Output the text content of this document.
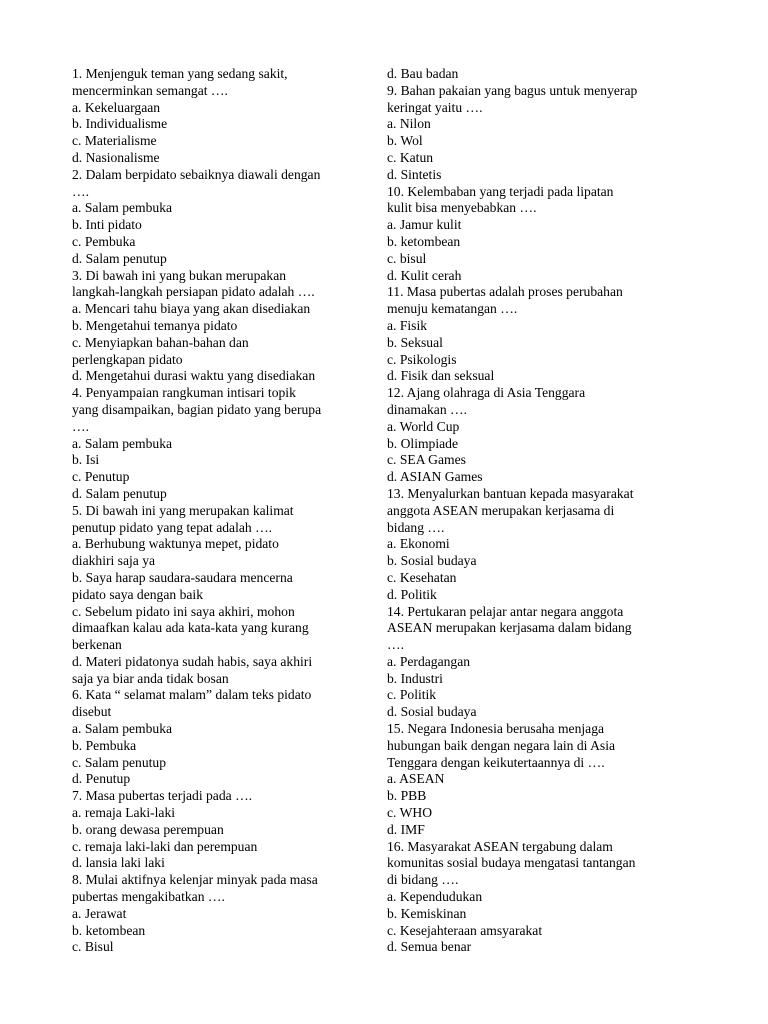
1. Menjenguk teman yang sedang sakit,
mencerminkan semangat ….
a. Kekeluargaan
b. Individualisme
c. Materialisme
d. Nasionalisme
2. Dalam berpidato sebaiknya diawali dengan
….
a. Salam pembuka
b. Inti pidato
c. Pembuka
d. Salam penutup
3. Di bawah ini yang bukan merupakan
langkah-langkah persiapan pidato adalah ….
a. Mencari tahu biaya yang akan disediakan
b. Mengetahui temanya pidato
c. Menyiapkan bahan-bahan dan
perlengkapan pidato
d. Mengetahui durasi waktu yang disediakan
4. Penyampaian rangkuman intisari topik
yang disampaikan, bagian pidato yang berupa
….
a. Salam pembuka
b. Isi
c. Penutup
d. Salam penutup
5. Di bawah ini yang merupakan kalimat
penutup pidato yang tepat adalah ….
a. Berhubung waktunya mepet, pidato
diakhiri saja ya
b. Saya harap saudara-saudara mencerna
pidato saya dengan baik
c. Sebelum pidato ini saya akhiri, mohon
dimaafkan kalau ada kata-kata yang kurang
berkenan
d. Materi pidatonya sudah habis, saya akhiri
saja ya biar anda tidak bosan
6. Kata “ selamat malam” dalam teks pidato
disebut
a. Salam pembuka
b. Pembuka
c. Salam penutup
d. Penutup
7. Masa pubertas terjadi pada ….
a. remaja Laki-laki
b. orang dewasa perempuan
c. remaja laki-laki dan perempuan
d. lansia laki laki
8. Mulai aktifnya kelenjar minyak pada masa
pubertas mengakibatkan ….
a. Jerawat
b. ketombean
c. Bisul
d. Bau badan
9. Bahan pakaian yang bagus untuk menyerap
keringat yaitu ….
a. Nilon
b. Wol
c. Katun
d. Sintetis
10. Kelembaban yang terjadi pada lipatan
kulit bisa menyebabkan ….
a. Jamur kulit
b. ketombean
c. bisul
d. Kulit cerah
11. Masa pubertas adalah proses perubahan
menuju kematangan ….
a. Fisik
b. Seksual
c. Psikologis
d. Fisik dan seksual
12. Ajang olahraga di Asia Tenggara
dinamakan ….
a. World Cup
b. Olimpiade
c. SEA Games
d. ASIAN Games
13. Menyalurkan bantuan kepada masyarakat
anggota ASEAN merupakan kerjasama di
bidang ….
a. Ekonomi
b. Sosial budaya
c. Kesehatan
d. Politik
14. Pertukaran pelajar antar negara anggota
ASEAN merupakan kerjasama dalam bidang
….
a. Perdagangan
b. Industri
c. Politik
d. Sosial budaya
15. Negara Indonesia berusaha menjaga
hubungan baik dengan negara lain di Asia
Tenggara dengan keikutertaannya di ….
a. ASEAN
b. PBB
c. WHO
d. IMF
16. Masyarakat ASEAN tergabung dalam
komunitas sosial budaya mengatasi tantangan
di bidang ….
a. Kependudukan
b. Kemiskinan
c. Kesejahteraan amsyarakat
d. Semua benar
